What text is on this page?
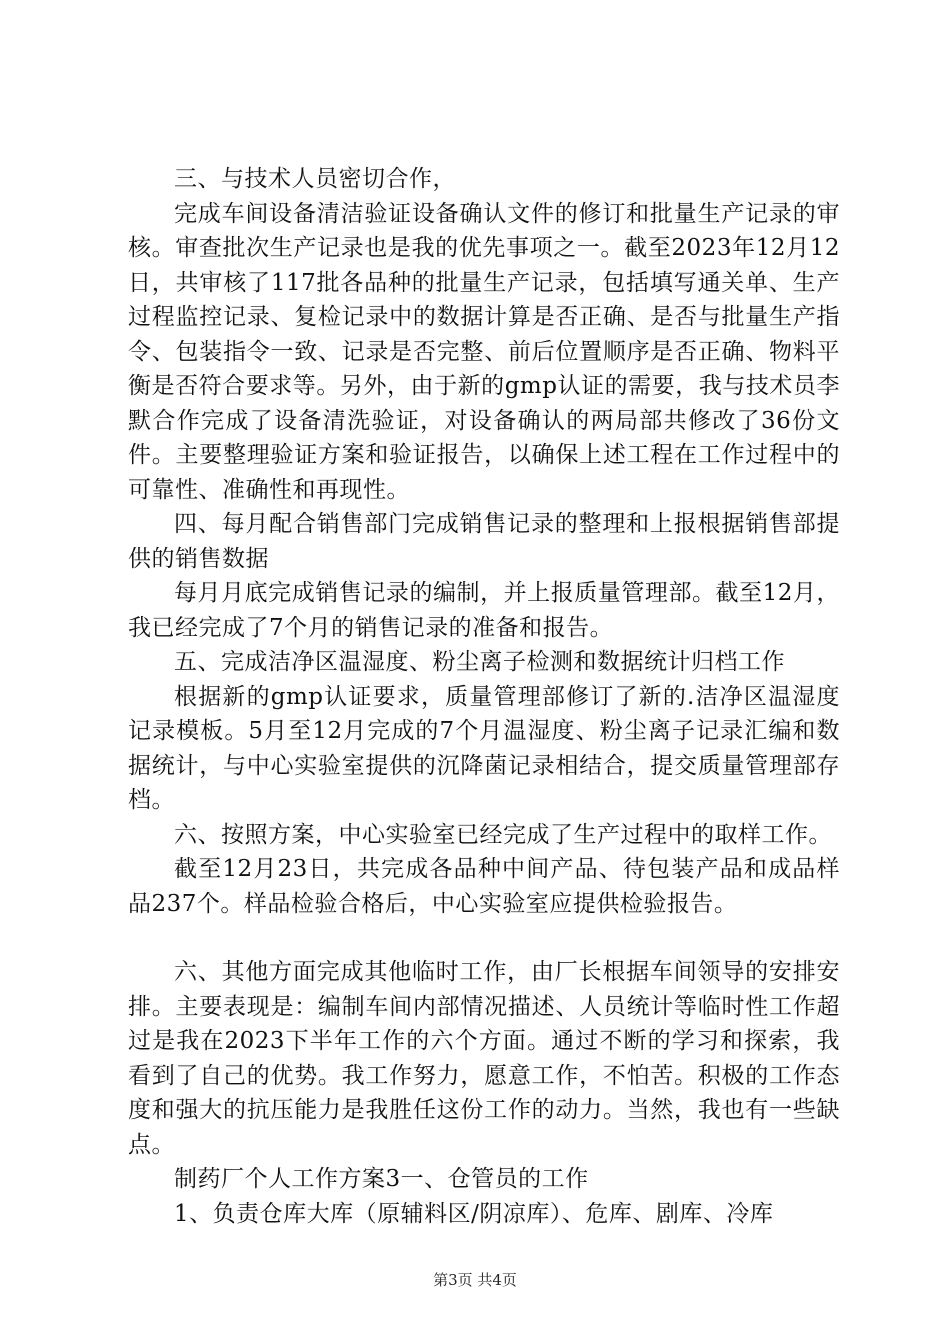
三、与技术人员密切合作，

完成车间设备清洁验证设备确认文件的修订和批量生产记录的审核。审查批次生产记录也是我的优先事项之一。截至2023年12月12日，共审核了117批各品种的批量生产记录，包括填写通关单、生产过程监控记录、复检记录中的数据计算是否正确、是否与批量生产指令、包装指令一致、记录是否完整、前后位置顺序是否正确、物料平衡是否符合要求等。另外，由于新的gmp认证的需要，我与技术员李默合作完成了设备清洗验证，对设备确认的两局部共修改了36份文件。主要整理验证方案和验证报告，以确保上述工程在工作过程中的可靠性、准确性和再现性。

四、每月配合销售部门完成销售记录的整理和上报根据销售部提供的销售数据

每月月底完成销售记录的编制，并上报质量管理部。截至12月，我已经完成了7个月的销售记录的准备和报告。

五、完成洁净区温湿度、粉尘离子检测和数据统计归档工作

根据新的gmp认证要求，质量管理部修订了新的.洁净区温湿度记录模板。5月至12月完成的7个月温湿度、粉尘离子记录汇编和数据统计，与中心实验室提供的沉降菌记录相结合，提交质量管理部存档。

六、按照方案，中心实验室已经完成了生产过程中的取样工作。

截至12月23日，共完成各品种中间产品、待包装产品和成品样品237个。样品检验合格后，中心实验室应提供检验报告。

六、其他方面完成其他临时工作，由厂长根据车间领导的安排安排。主要表现是：编制车间内部情况描述、人员统计等临时性工作超过是我在2023下半年工作的六个方面。通过不断的学习和探索，我看到了自己的优势。我工作努力，愿意工作，不怕苦。积极的工作态度和强大的抗压能力是我胜任这份工作的动力。当然，我也有一些缺点。

制药厂个人工作方案3一、仓管员的工作

1、负责仓库大库（原辅料区/阴凉库）、危库、剧库、冷库

第3页 共4页
